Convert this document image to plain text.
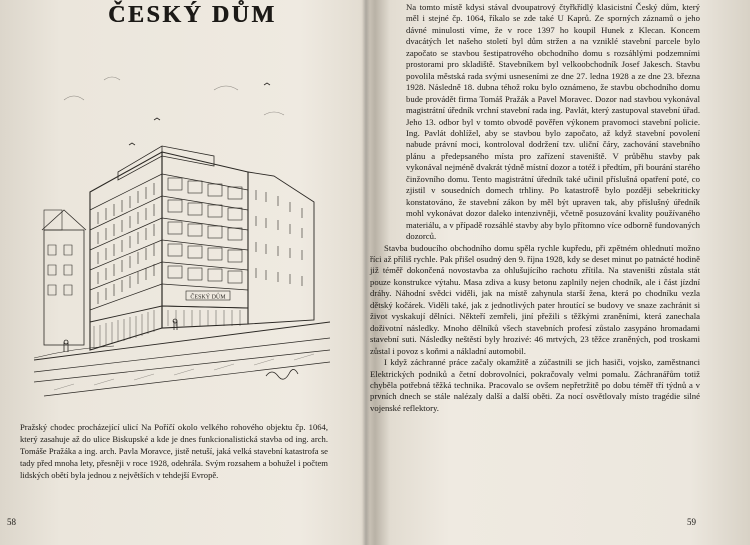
ČESKÝ DŮM
ČESKÝ DŮM

Pražský chodec procházející ulicí Na Poříčí okolo velkého rohového objektu čp. 1064, který zasahuje až do ulice Biskupské a kde je dnes funkcionalistická stavba od ing. arch. Tomáše Pražáka a ing. arch. Pavla Moravce, jistě netuší, jaká velká stavební katastrofa se tady před mnoha lety, přesněji v roce 1928, odehrála. Svým rozsahem a bohužel i počtem lidských obětí byla jednou z největších v tehdejší Evropě.

58

Na tomto místě kdysi stával dvoupatrový čtyřkřídlý klasicistní Český dům, který měl i stejné čp. 1064, říkalo se zde také U Kaprů. Ze sporných záznamů o jeho dávné minulosti víme, že v roce 1397 ho koupil Hunek z Klecan. Koncem dvacátých let našeho století byl dům stržen a na vzniklé stavební parcele bylo započato se stavbou šestipatrového obchodního domu s rozsáhlými podzemními prostorami pro skladiště. Stavebníkem byl velkoobchodník Josef Jakesch. Stavbu povolila městská rada svými usneseními ze dne 27. ledna 1928 a ze dne 23. března 1928. Následně 18. dubna téhož roku bylo oznámeno, že stavbu obchodního domu bude provádět firma Tomáš Pražák a Pavel Moravec. Dozor nad stavbou vykonával magistrátní úředník vrchní stavební rada ing. Pavlát, který zastupoval stavební úřad. Jeho 13. odbor byl v tomto obvodě pověřen výkonem pravomoci stavební policie. Ing. Pavlát dohlížel, aby se stavbou bylo započato, až když stavební povolení nabude právní moci, kontroloval dodržení tzv. uliční čáry, zachování stavebního plánu a předepsaného místa pro zařízení staveniště. V průběhu stavby pak vykonával nejméně dvakrát týdně místní dozor a totéž i předtím, při bourání starého činžovního domu. Tento magistrátní úředník také učinil příslušná opatření poté, co zjistil v sousedních domech trhliny. Po katastrofě bylo později sebekriticky konstatováno, že stavební zákon by měl být upraven tak, aby příslušný úředník mohl vykonávat dozor daleko intenzivněji, včetně posuzování kvality používaného materiálu, a v případě rozsáhlé stavby aby bylo přítomno více odborně fundovaných dozorců.

Stavba budoucího obchodního domu spěla rychle kupředu, při zpětném ohlednutí možno říci až příliš rychle. Pak přišel osudný den 9. října 1928, kdy se deset minut po patnácté hodině již téměř dokončená novostavba za ohlušujícího rachotu zřítila. Na staveništi zůstala stát pouze konstrukce výtahu. Masa zdiva a kusy betonu zaplnily nejen chodník, ale i část jízdní dráhy. Náhodní svědci viděli, jak na místě zahynula starší žena, která po chodníku vezla dětský kočárek. Viděli také, jak z jednotlivých pater hroutící se budovy ve snaze zachránit si život vyskakují dělníci. Někteří zemřeli, jiní přežili s těžkými zraněními, která zanechala doživotní následky. Mnoho dělníků všech stavebních profesí zůstalo zasypáno hromadami stavební suti. Následky neštěstí byly hrozivé: 46 mrtvých, 23 těžce zraněných, pod troskami zůstal i povoz s koňmi a nákladní automobil.

I když záchranné práce začaly okamžitě a zúčastnili se jich hasiči, vojsko, zaměstnanci Elektrických podniků a četní dobrovolníci, pokračovaly velmi pomalu. Záchranářům totiž chyběla potřebná těžká technika. Pracovalo se ovšem nepřetržitě po dobu téměř tří týdnů a v prvních dnech se stále nalézaly další a další oběti. Za nocí osvětlovaly místo tragédie silné vojenské reflektory.

59
